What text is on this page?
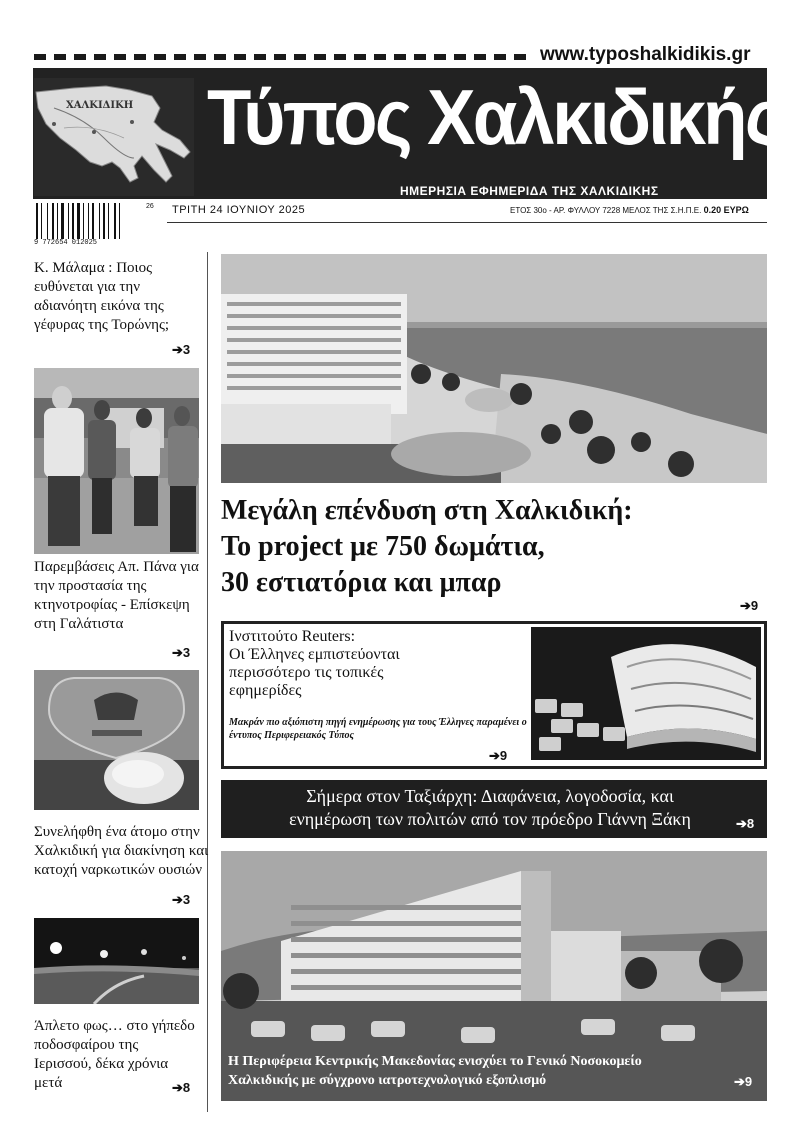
www.typoshalkidikis.gr
ΧΑΛΚΙΔΙΚΗ Τύπος Χαλκιδικής
ΗΜΕΡΗΣΙΑ ΕΦΗΜΕΡΙΔΑ ΤΗΣ ΧΑΛΚΙΔΙΚΗΣ
9 772654 012025
26 ΤΡΙΤΗ 24 ΙΟΥΝΙΟΥ 2025	ΕΤΟΣ 30ο - ΑΡ. ΦΥΛΛΟΥ 7228 ΜΕΛΟΣ ΤΗΣ Σ.Η.Π.Ε. 0.20 ΕΥΡΩ
Κ. Μάλαμα : Ποιος ευθύνεται για την αδιανόητη εικόνα της γέφυρας της Τορώνης;
➔3
Παρεμβάσεις Απ. Πάνα για την προστασία της κτηνοτροφίας - Επίσκεψη στη Γαλάτιστα
➔3
Συνελήφθη ένα άτομο στην Χαλκιδική για διακίνηση και κατοχή ναρκωτικών ουσιών
➔3
Άπλετο φως… στο γήπεδο ποδοσφαίρου της Ιερισσού, δέκα χρόνια μετά	➔8
Μεγάλη επένδυση στη Χαλκιδική:
Το project με 750 δωμάτια,
30 εστιατόρια και μπαρ
➔9
Ινστιτούτο Reuters:
Οι Έλληνες εμπιστεύονται
περισσότερο τις τοπικές
εφημερίδες
Μακράν πιο αξιόπιστη πηγή ενημέρωσης για τους Έλληνες παραμένει ο έντυπος Περιφερειακός Τύπος
➔9
Σήμερα στον Ταξιάρχη: Διαφάνεια, λογοδοσία, και
ενημέρωση των πολιτών από τον πρόεδρο Γιάννη Ξάκη	➔8
Η Περιφέρεια Κεντρικής Μακεδονίας ενισχύει το Γενικό Νοσοκομείο
Χαλκιδικής με σύγχρονο ιατροτεχνολογικό εξοπλισμό	➔9
